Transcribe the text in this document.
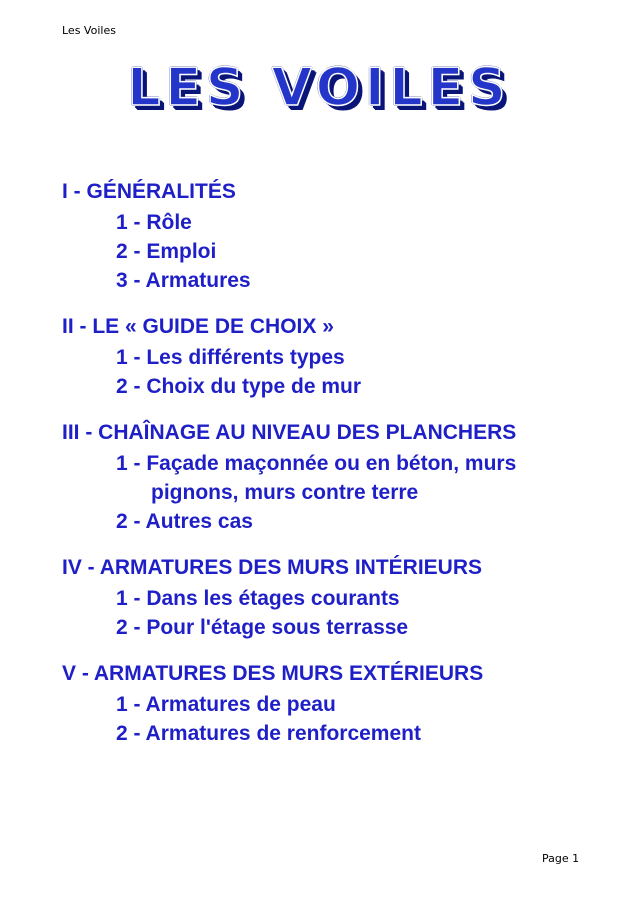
Les Voiles
LES VOILES
I - GÉNÉRALITÉS
1 - Rôle
2 - Emploi
3 - Armatures
II - LE « GUIDE DE CHOIX »
1 - Les différents types
2 - Choix du type de mur
III - CHAÎNAGE AU NIVEAU DES PLANCHERS
1 - Façade maçonnée ou en béton, murs
pignons, murs contre terre
2 - Autres cas
IV - ARMATURES DES MURS INTÉRIEURS
1 - Dans les étages courants
2 - Pour l'étage sous terrasse
V - ARMATURES DES MURS EXTÉRIEURS
1 - Armatures de peau
2 - Armatures de renforcement
Page 1
